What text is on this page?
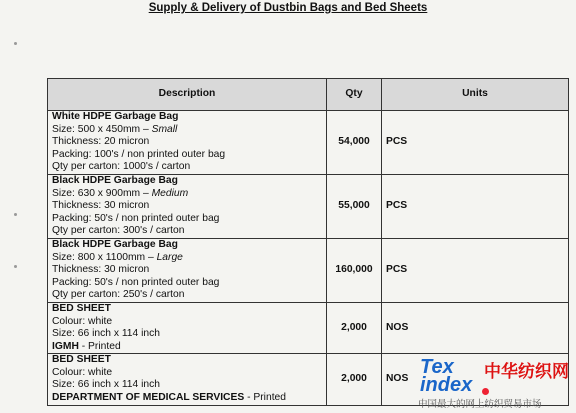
Supply & Delivery of Dustbin Bags and Bed Sheets
Description	Qty	Units

White HDPE Garbage Bag
Size: 500 x 450mm – Small
Thickness: 20 micron
Packing: 100's / non printed outer bag
Qty per carton: 1000's / carton	54,000	PCS

Black HDPE Garbage Bag
Size: 630 x 900mm – Medium
Thickness: 30 micron
Packing: 50's / non printed outer bag
Qty per carton: 300's / carton	55,000	PCS

Black HDPE Garbage Bag
Size: 800 x 1100mm – Large
Thickness: 30 micron
Packing: 50's / non printed outer bag
Qty per carton: 250's / carton	160,000	PCS

BED SHEET
Colour: white
Size: 66 inch x 114 inch
IGMH - Printed	2,000	NOS

BED SHEET
Colour: white
Size: 66 inch x 114 inch
DEPARTMENT OF MEDICAL SERVICES - Printed	2,000	NOS
Tex
index
中华纺织网
中国最大的网上纺织贸易市场
